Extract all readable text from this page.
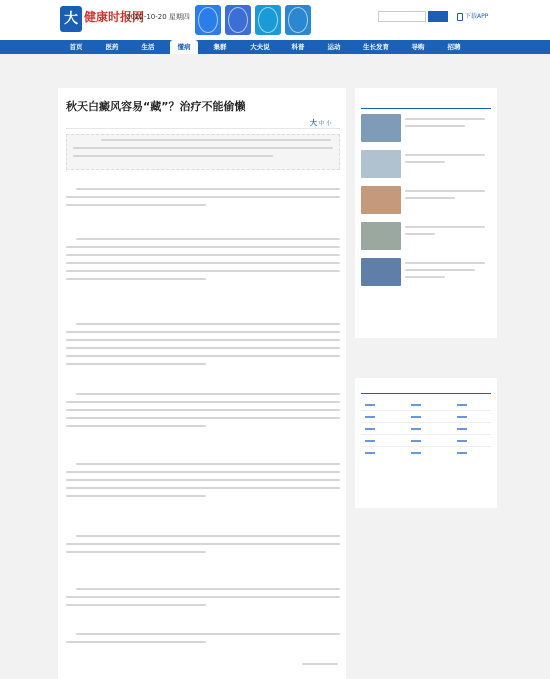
大 健康时报网
2022-10-20 星期四	下载APP
首页	医药	生活	懂病	集群	大夫说	科普	运动	生长发育	导购	招聘
秋天白癜风容易“藏”？治疗不能偷懒
大 中 小
